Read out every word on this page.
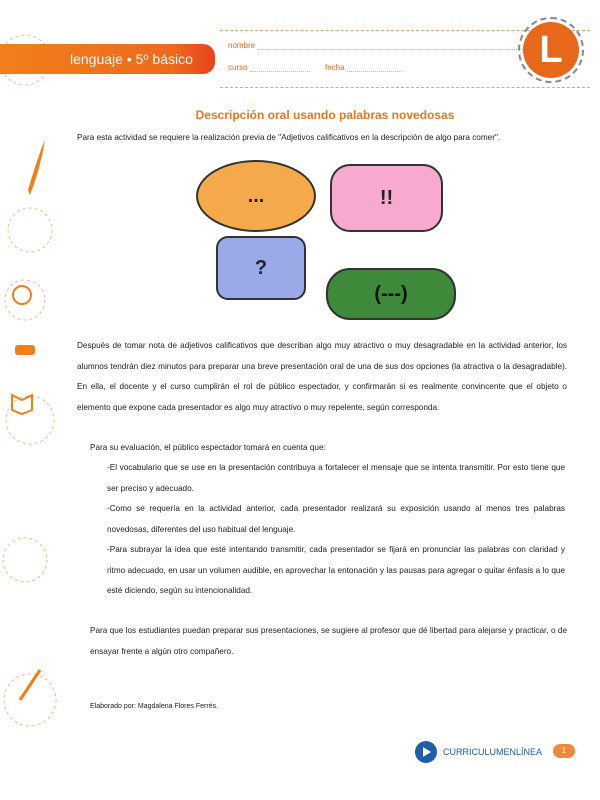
lenguaje • 5º básico
nombre
curso	fecha	L
Descripción oral usando palabras novedosas
Para esta actividad se requiere la realización previa de "Adjetivos calificativos en la descripción de algo para comer".
...	!!
?
(---)
Después de tomar nota de adjetivos calificativos que describan algo muy atractivo o muy desagradable en la actividad anterior, los alumnos tendrán diez minutos para preparar una breve presentación oral de una de sus dos opciones (la atractiva o la desagradable). En ella, el docente y el curso cumplirán el rol de público espectador, y confirmarán si es realmente convincente que el objeto o elemento que expone cada presentador es algo muy atractivo o muy repelente, según corresponda.
Para su evaluación, el público espectador tomará en cuenta que:
-El vocabulario que se use en la presentación contribuya a fortalecer el mensaje que se intenta transmitir. Por esto tiene que ser preciso y adecuado.
-Como se requería en la actividad anterior, cada presentador realizará su exposición usando al menos tres palabras novedosas, diferentes del uso habitual del lenguaje.
-Para subrayar la idea que esté intentando transmitir, cada presentador se fijará en pronunciar las palabras con claridad y ritmo adecuado, en usar un volumen audible, en aprovechar la entonación y las pausas para agregar o quitar énfasis a lo que esté diciendo, según su intencionalidad.
Para que los estudiantes puedan preparar sus presentaciones, se sugiere al profesor que dé libertad para alejarse y practicar, o de ensayar frente a algún otro compañero.
Elaborado por: Magdalena Flores Ferrés.
CURRICULUMENLÍNEA	1
